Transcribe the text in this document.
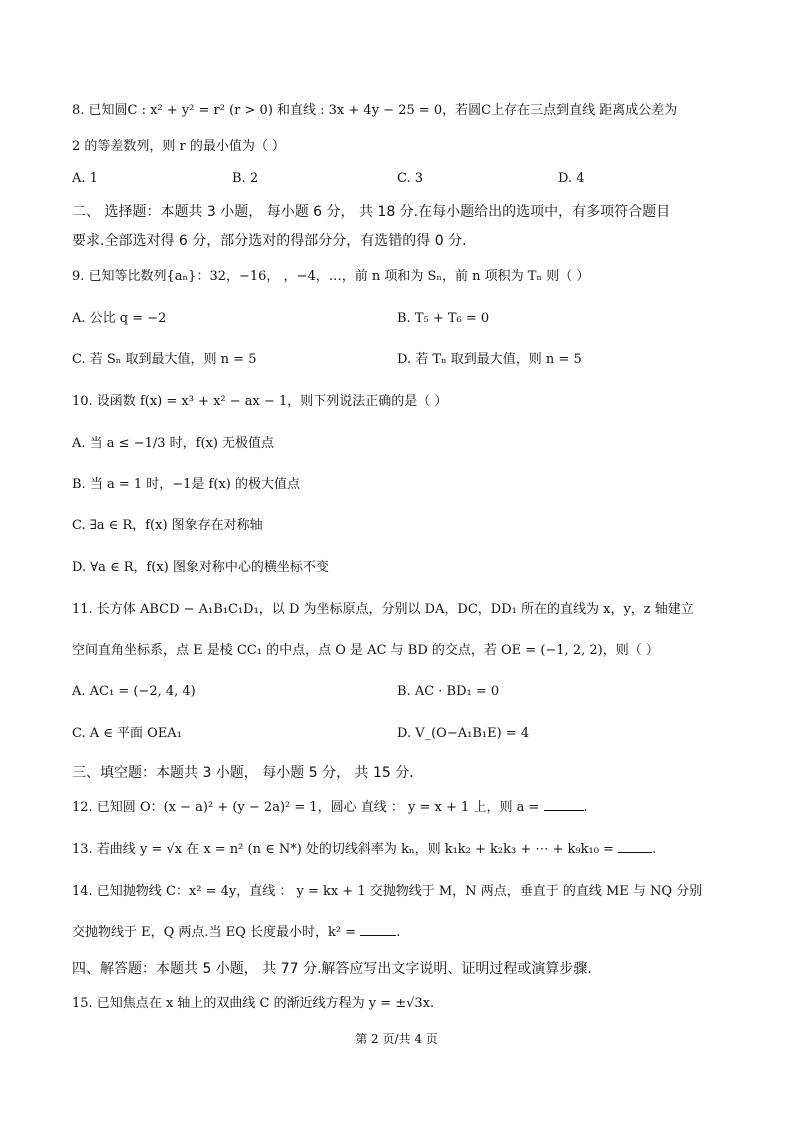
8. 已知圆C : x² + y² = r² (r > 0) 和直线 : 3x + 4y − 25 = 0，若圆C上存在三点到直线 距离成公差为
2 的等差数列，则 r 的最小值为（ ）
A. 1	B. 2	C. 3	D. 4
二、 选择题：本题共 3 小题， 每小题 6 分， 共 18 分.在每小题给出的选项中，有多项符合题目
要求.全部选对得 6 分，部分选对的得部分分，有选错的得 0 分.
9. 已知等比数列{aₙ}：32，−16， ，−4，…，前 n 项和为 Sₙ，前 n 项积为 Tₙ 则（ ）
A. 公比 q = −2	B. T₅ + T₆ = 0
C. 若 Sₙ 取到最大值，则 n = 5	D. 若 Tₙ 取到最大值，则 n = 5
10. 设函数 f(x) = x³ + x² − ax − 1，则下列说法正确的是（ ）
A. 当 a ≤ −1/3 时，f(x) 无极值点
B. 当 a = 1 时，−1是 f(x) 的极大值点
C. ∃a ∈ R，f(x) 图象存在对称轴
D. ∀a ∈ R，f(x) 图象对称中心的横坐标不变
11. 长方体 ABCD − A₁B₁C₁D₁，以 D 为坐标原点，分别以 DA，DC，DD₁ 所在的直线为 x，y，z 轴建立
空间直角坐标系，点 E 是棱 CC₁ 的中点，点 O 是 AC 与 BD 的交点，若 OE = (−1, 2, 2)，则（ ）
A. AC₁ = (−2, 4, 4)	B. AC · BD₁ = 0
C. A ∈ 平面 OEA₁	D. V_(O−A₁B₁E) = 4
三、填空题：本题共 3 小题， 每小题 5 分， 共 15 分.
12. 已知圆 O：(x − a)² + (y − 2a)² = 1，圆心 直线 ： y = x + 1 上，则 a =	.
13. 若曲线 y = √x 在 x = n² (n ∈ N*) 处的切线斜率为 kₙ，则 k₁k₂ + k₂k₃ + ⋯ + k₉k₁₀ =	.
14. 已知抛物线 C：x² = 4y，直线 ： y = kx + 1 交抛物线于 M，N 两点，垂直于 的直线 ME 与 NQ 分别
交抛物线于 E，Q 两点.当 EQ 长度最小时，k² =	.
四、解答题：本题共 5 小题， 共 77 分.解答应写出文字说明、证明过程或演算步骤.
15. 已知焦点在 x 轴上的双曲线 C 的渐近线方程为 y = ±√3x.
第 2 页/共 4 页
